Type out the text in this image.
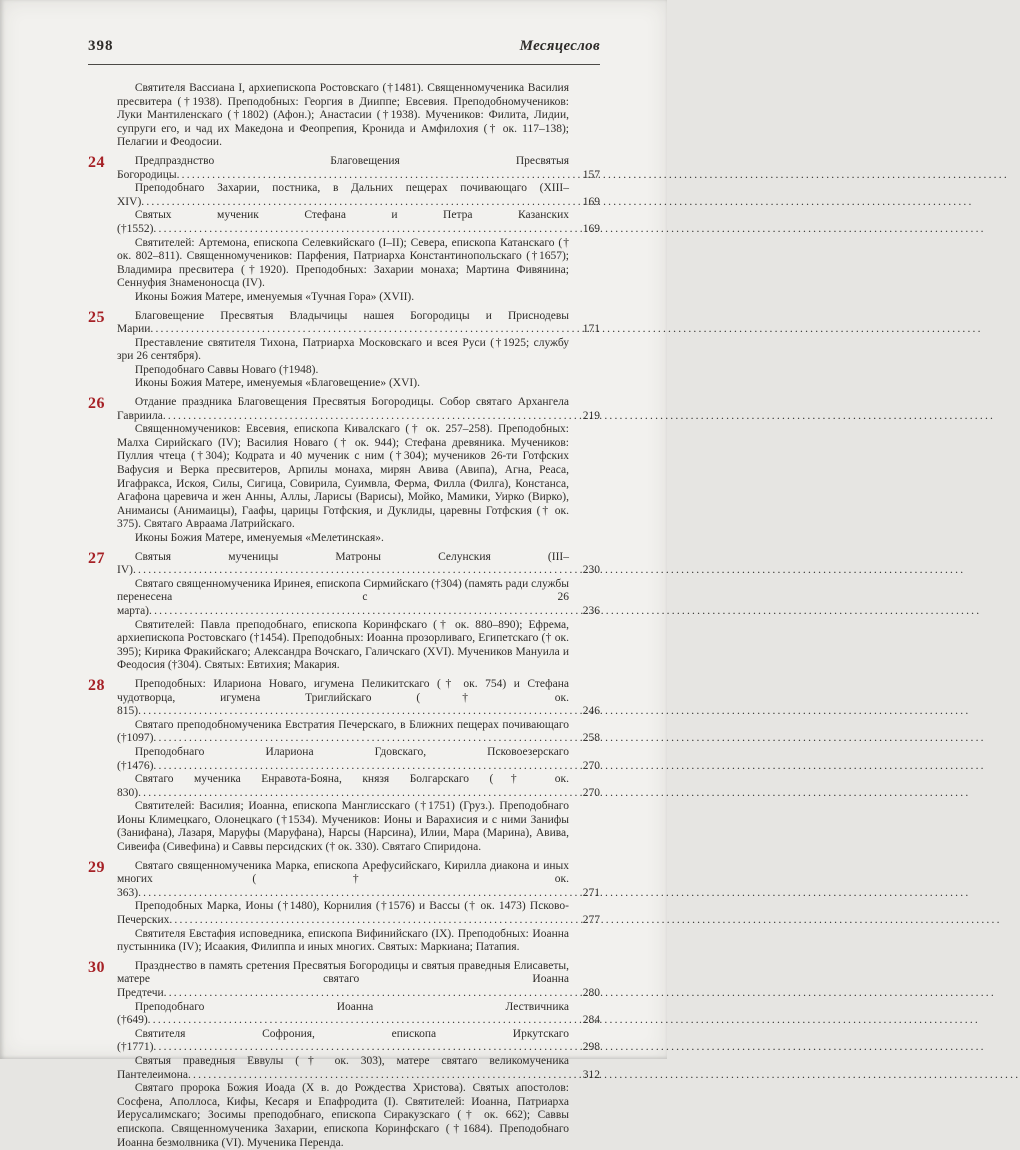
398	Месяцеслов
Святителя Вассиана I, архиепископа Ростовскаго (†1481). Священномученика Василия пресвитера (†1938). Преподобных: Георгия в Дииппе; Евсевия. Преподобномучеников: Луки Мантиленскаго (†1802) (Афон.); Анастасии (†1938). Мучеников: Филита, Лидии, супруги его, и чад их Македона и Феопрепия, Кронида и Амфилохия († ок. 117–138); Пелагии и Феодосии.
24	Предпразднство Благовещения Пресвятыя Богородицы .....	157
Преподобнаго Захарии, постника, в Дальних пещерах почивающаго (XIII–XIV) .....	169
Святых мученик Стефана и Петра Казанских (†1552) .....	169
Святителей: Артемона, епископа Селевкийскаго (I–II); Севера, епископа Катанскаго († ок. 802–811). Священномучеников: Парфения, Патриарха Константинопольскаго (†1657); Владимира пресвитера (†1920). Преподобных: Захарии монаха; Мартина Фивянина; Сеннуфия Знаменоносца (IV).
Иконы Божия Матере, именуемыя «Тучная Гора» (XVII).
25	Благовещение Пресвятыя Владычицы нашея Богородицы и Приснодевы Марии .....	171
Преставление святителя Тихона, Патриарха Московскаго и всея Руси (†1925; службу зри 26 сентября).
Преподобнаго Саввы Новаго (†1948).
Иконы Божия Матере, именуемыя «Благовещение» (XVI).
26	Отдание праздника Благовещения Пресвятыя Богородицы. Собор святаго Архангела Гавриила .....	219
Священномучеников: Евсевия, епископа Кивалскаго († ок. 257–258). Преподобных: Малха Сирийскаго (IV); Василия Новаго († ок. 944); Стефана древяника. Мучеников: Пуллия чтеца (†304); Кодрата и 40 мученик с ним (†304); мучеников 26-ти Готфских Вафусия и Верка пресвитеров, Арпилы монаха, мирян Авива (Авипа), Агна, Реаса, Игафракса, Искоя, Силы, Сигица, Совирила, Суимвла, Ферма, Филла (Филга), Констанса, Агафона царевича и жен Анны, Аллы, Ларисы (Варисы), Мойко, Мамики, Уирко (Вирко), Анимаисы (Анимаицы), Гаафы, царицы Готфския, и Дуклиды, царевны Готфския († ок. 375). Святаго Авраама Латрийскаго.
Иконы Божия Матере, именуемыя «Мелетинская».
27	Святыя мученицы Матроны Селунския (III–IV) .....	230
Святаго священномученика Иринея, епископа Сирмийскаго (†304) (память ради службы перенесена с 26 марта) .....	236
Святителей: Павла преподобнаго, епископа Коринфскаго († ок. 880–890); Ефрема, архиепископа Ростовскаго (†1454). Преподобных: Иоанна прозорливаго, Египетскаго († ок. 395); Кирика Фракийскаго; Александра Вочскаго, Галичскаго (XVI). Мучеников Мануила и Феодосия (†304). Святых: Евтихия; Макария.
28	Преподобных: Илариона Новаго, игумена Пеликитскаго († ок. 754) и Стефана чудотворца, игумена Триглийскаго († ок. 815) .....	246
Святаго преподобномученика Евстратия Печерскаго, в Ближних пещерах почивающаго (†1097) .....	258
Преподобнаго Илариона Гдовскаго, Псковоезерскаго (†1476) .....	270
Святаго мученика Енравота-Бояна, князя Болгарскаго († ок. 830) .....	270
Святителей: Василия; Иоанна, епископа Манглисскаго (†1751) (Груз.). Преподобнаго Ионы Климецкаго, Олонецкаго (†1534). Мучеников: Ионы и Варахисия и с ними Занифы (Занифана), Лазаря, Маруфы (Маруфана), Нарсы (Нарсина), Илии, Мара (Марина), Авива, Сивеифа (Сивефина) и Саввы персидских († ок. 330). Святаго Спиридона.
29	Святаго священномученика Марка, епископа Арефусийскаго, Кирилла диакона и иных многих († ок. 363) .....	271
Преподобных Марка, Ионы (†1480), Корнилия (†1576) и Вассы († ок. 1473) Псково-Печерских .....	277
Святителя Евстафия исповедника, епископа Вифинийскаго (IX). Преподобных: Иоанна пустынника (IV); Исаакия, Филиппа и иных многих. Святых: Маркиана; Патапия.
30	Празднество в память сретения Пресвятыя Богородицы и святыя праведныя Елисаветы, матере святаго Иоанна Предтечи .....	280
Преподобнаго Иоанна Лествичника (†649) .....	284
Святителя Софрония, епископа Иркутскаго (†1771) .....	298
Святыя праведныя Еввулы († ок. 303), матере святаго великомученика Пантелеимона .....	312
Святаго пророка Божия Иоада (X в. до Рождества Христова). Святых апостолов: Сосфена, Аполлоса, Кифы, Кесаря и Епафродита (I). Святителей: Иоанна, Патриарха Иерусалимскаго; Зосимы преподобнаго, епископа Сиракузскаго († ок. 662); Саввы епископа. Священномученика Захарии, епископа Коринфскаго (†1684). Преподобнаго Иоанна безмолвника (VI). Мученика Перенда.
